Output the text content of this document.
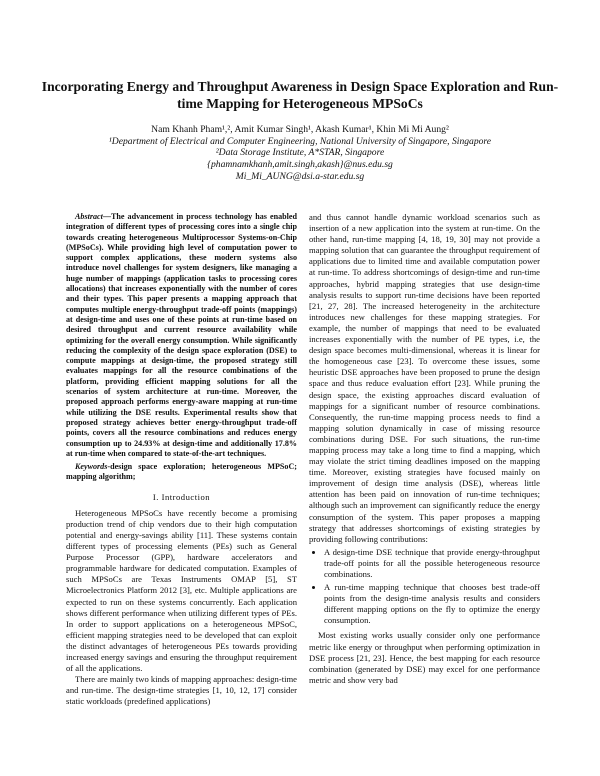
Incorporating Energy and Throughput Awareness in Design Space Exploration and Run-time Mapping for Heterogeneous MPSoCs
Nam Khanh Pham¹,², Amit Kumar Singh¹, Akash Kumar¹, Khin Mi Mi Aung²
¹Department of Electrical and Computer Engineering, National University of Singapore, Singapore
²Data Storage Institute, A*STAR, Singapore
{phamnamkhanh,amit.singh,akash}@nus.edu.sg
Mi_Mi_AUNG@dsi.a-star.edu.sg
Abstract—The advancement in process technology has enabled integration of different types of processing cores into a single chip towards creating heterogeneous Multiprocessor Systems-on-Chip (MPSoCs). While providing high level of computation power to support complex applications, these modern systems also introduce novel challenges for system designers, like managing a huge number of mappings (application tasks to processing cores allocations) that increases exponentially with the number of cores and their types. This paper presents a mapping approach that computes multiple energy-throughput trade-off points (mappings) at design-time and uses one of these points at run-time based on desired throughput and current resource availability while optimizing for the overall energy consumption. While significantly reducing the complexity of the design space exploration (DSE) to compute mappings at design-time, the proposed strategy still evaluates mappings for all the resource combinations of the platform, providing efficient mapping solutions for all the scenarios of system architecture at run-time. Moreover, the proposed approach performs energy-aware mapping at run-time while utilizing the DSE results. Experimental results show that proposed strategy achieves better energy-throughput trade-off points, covers all the resource combinations and reduces energy consumption up to 24.93% at design-time and additionally 17.8% at run-time when compared to state-of-the-art techniques.
Keywords-design space exploration; heterogeneous MPSoC; mapping algorithm;
I. Introduction

Heterogeneous MPSoCs have recently become a promising production trend of chip vendors due to their high computation potential and energy-savings ability [11]. These systems contain different types of processing elements (PEs) such as General Purpose Processor (GPP), hardware accelerators and programmable hardware for dedicated computation. Examples of such MPSoCs are Texas Instruments OMAP [5], ST Microelectronics Platform 2012 [3], etc. Multiple applications are expected to run on these systems concurrently. Each application shows different performance when utilizing different types of PEs. In order to support applications on a heterogeneous MPSoC, efficient mapping strategies need to be developed that can exploit the distinct advantages of heterogeneous PEs towards providing increased energy savings and ensuring the throughput requirement of all the applications.

There are mainly two kinds of mapping approaches: design-time and run-time. The design-time strategies [1, 10, 12, 17] consider static workloads (predefined applications)

and thus cannot handle dynamic workload scenarios such as insertion of a new application into the system at run-time. On the other hand, run-time mapping [4, 18, 19, 30] may not provide a mapping solution that can guarantee the throughput requirement of applications due to limited time and available computation power at run-time. To address shortcomings of design-time and run-time approaches, hybrid mapping strategies that use design-time analysis results to support run-time decisions have been reported [21, 27, 28]. The increased heterogeneity in the architecture introduces new challenges for these mapping strategies. For example, the number of mappings that need to be evaluated increases exponentially with the number of PE types, i.e, the design space becomes multi-dimensional, whereas it is linear for the homogeneous case [23]. To overcome these issues, some heuristic DSE approaches have been proposed to prune the design space and thus reduce evaluation effort [23]. While pruning the design space, the existing approaches discard evaluation of mappings for a significant number of resource combinations. Consequently, the run-time mapping process needs to find a mapping solution dynamically in case of missing resource combinations during DSE. For such situations, the run-time mapping process may take a long time to find a mapping, which may violate the strict timing deadlines imposed on the mapping time. Moreover, existing strategies have focused mainly on improvement of design time analysis (DSE), whereas little attention has been paid on innovation of run-time techniques; although such an improvement can significantly reduce the energy consumption of the system. This paper proposes a mapping strategy that addresses shortcomings of existing strategies by providing following contributions:

• A design-time DSE technique that provide energy-throughput trade-off points for all the possible heterogeneous resource combinations.
• A run-time mapping technique that chooses best trade-off points from the design-time analysis results and considers different mapping options on the fly to optimize the energy consumption.

Most existing works usually consider only one performance metric like energy or throughput when performing optimization in DSE process [21, 23]. Hence, the best mapping for each resource combination (generated by DSE) may excel for one performance metric and show very bad
